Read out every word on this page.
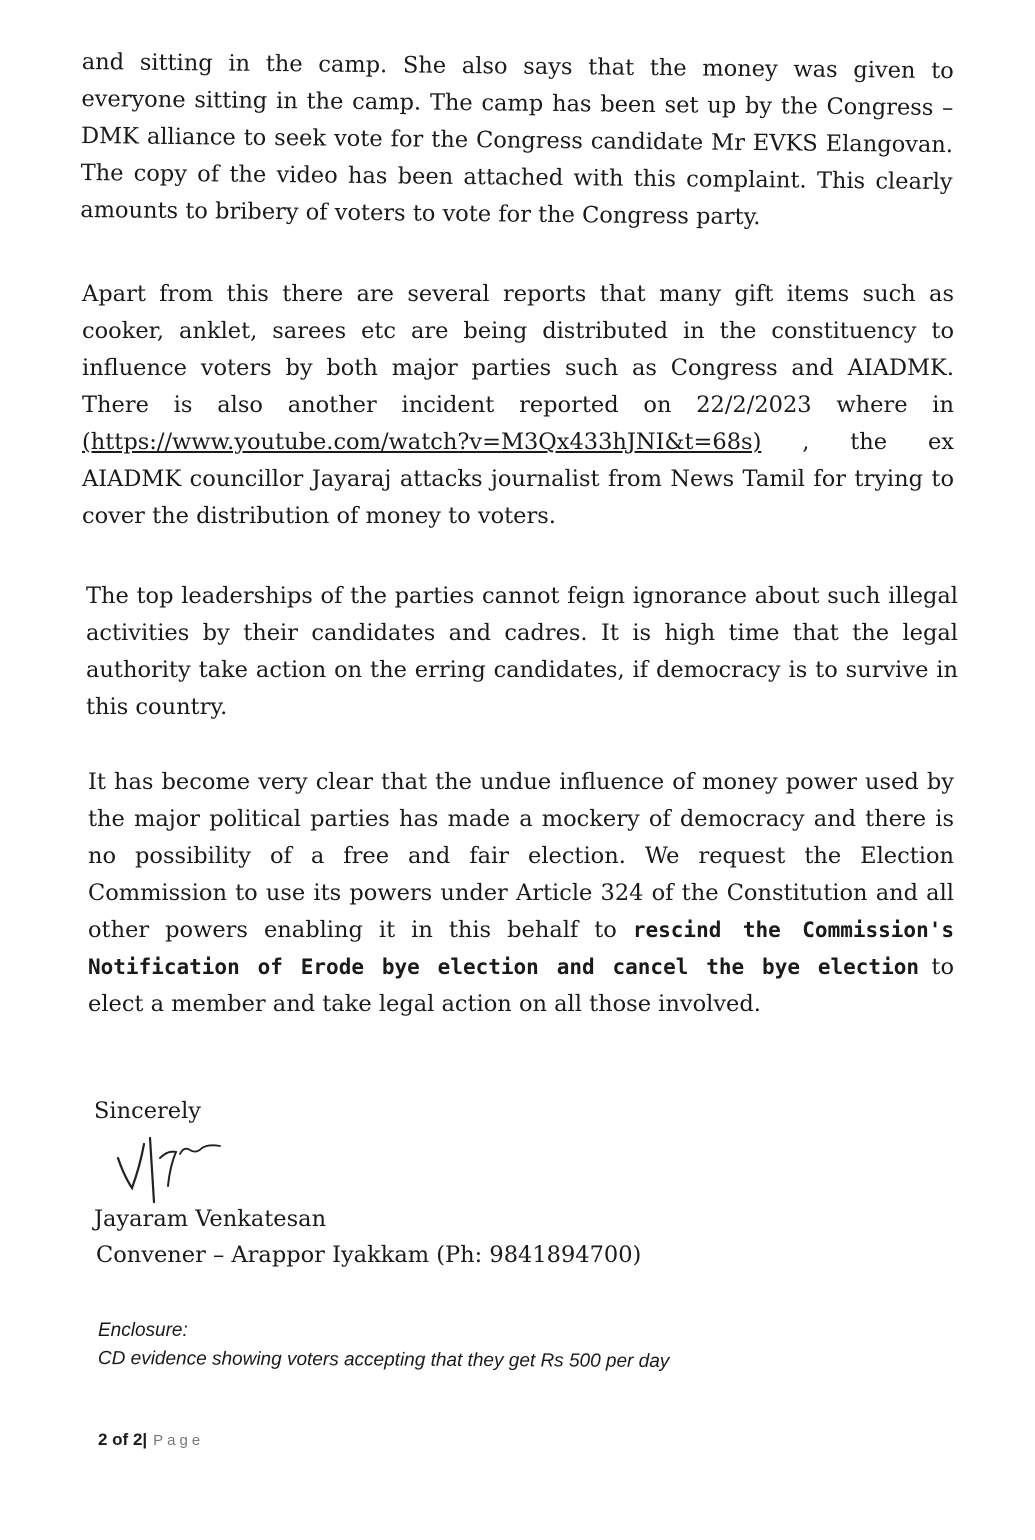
and sitting in the camp. She also says that the money was given to everyone sitting in the camp. The camp has been set up by the Congress – DMK alliance to seek vote for the Congress candidate Mr EVKS Elangovan. The copy of the video has been attached with this complaint. This clearly amounts to bribery of voters to vote for the Congress party.

Apart from this there are several reports that many gift items such as cooker, anklet, sarees etc are being distributed in the constituency to influence voters by both major parties such as Congress and AIADMK. There is also another incident reported on 22/2/2023 where in (https://www.youtube.com/watch?v=M3Qx433hJNI&t=68s) , the ex AIADMK councillor Jayaraj attacks journalist from News Tamil for trying to cover the distribution of money to voters.

The top leaderships of the parties cannot feign ignorance about such illegal activities by their candidates and cadres. It is high time that the legal authority take action on the erring candidates, if democracy is to survive in this country.

It has become very clear that the undue influence of money power used by the major political parties has made a mockery of democracy and there is no possibility of a free and fair election. We request the Election Commission to use its powers under Article 324 of the Constitution and all other powers enabling it in this behalf to rescind the Commission's Notification of Erode bye election and cancel the bye election to elect a member and take legal action on all those involved.

Sincerely

Jayaram Venkatesan

Convener – Arappor Iyakkam (Ph: 9841894700)

Enclosure:

CD evidence showing voters accepting that they get Rs 500 per day

2 of 2| Page
